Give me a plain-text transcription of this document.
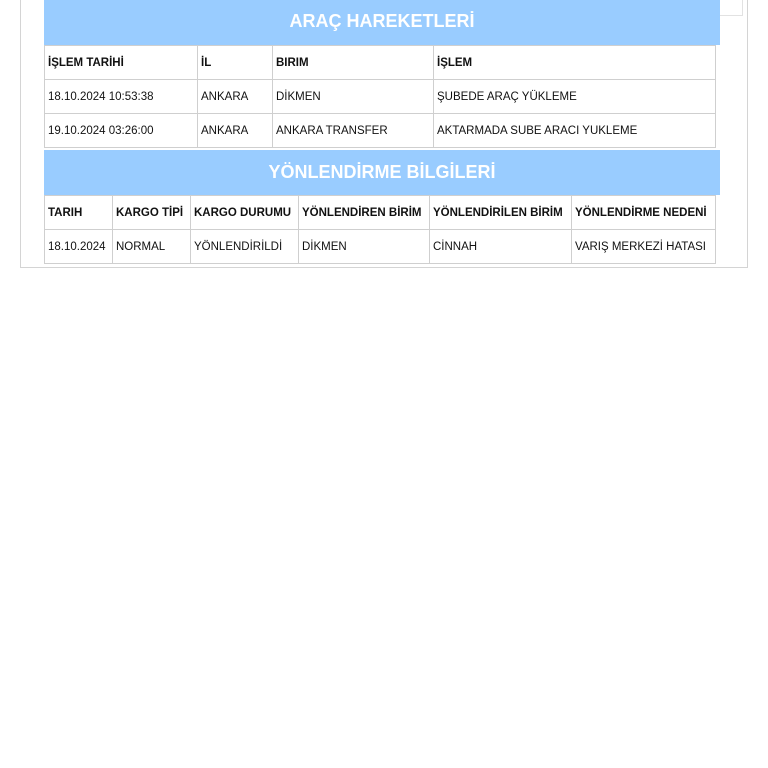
ARAÇ HAREKETLERİ
İŞLEM TARİHİ	İL	BIRIM	İŞLEM
18.10.2024 10:53:38	ANKARA	DİKMEN	ŞUBEDE ARAÇ YÜKLEME
19.10.2024 03:26:00	ANKARA	ANKARA TRANSFER	AKTARMADA SUBE ARACI YUKLEME
YÖNLENDİRME BİLGİLERİ
TARIH	KARGO TİPİ	KARGO DURUMU	YÖNLENDİREN BİRİM	YÖNLENDİRİLEN BİRİM	YÖNLENDİRME NEDENİ
18.10.2024	NORMAL	YÖNLENDİRİLDİ	DİKMEN	CİNNAH	VARIŞ MERKEZİ HATASI
